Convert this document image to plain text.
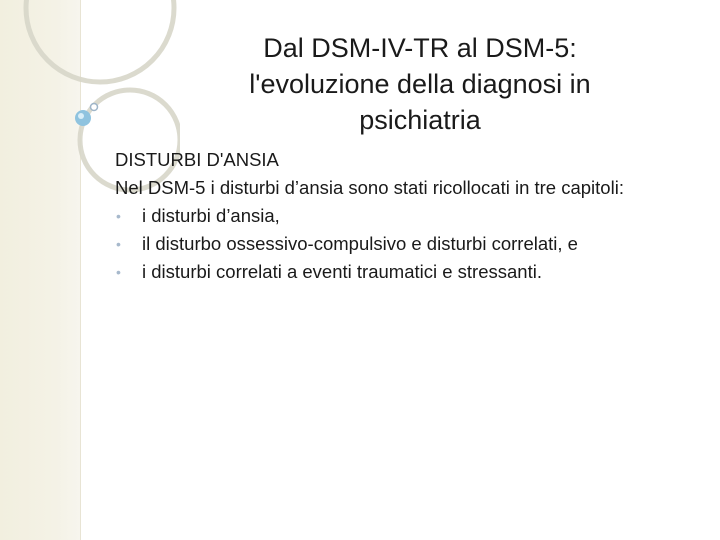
Dal DSM-IV-TR al DSM-5:
l'evoluzione della diagnosi in
psichiatria

DISTURBI D'ANSIA

Nel DSM-5 i disturbi d’ansia sono stati ricollocati in tre capitoli:

• i disturbi d’ansia,
• il disturbo ossessivo-compulsivo e disturbi correlati, e
• i disturbi correlati a eventi traumatici e stressanti.
